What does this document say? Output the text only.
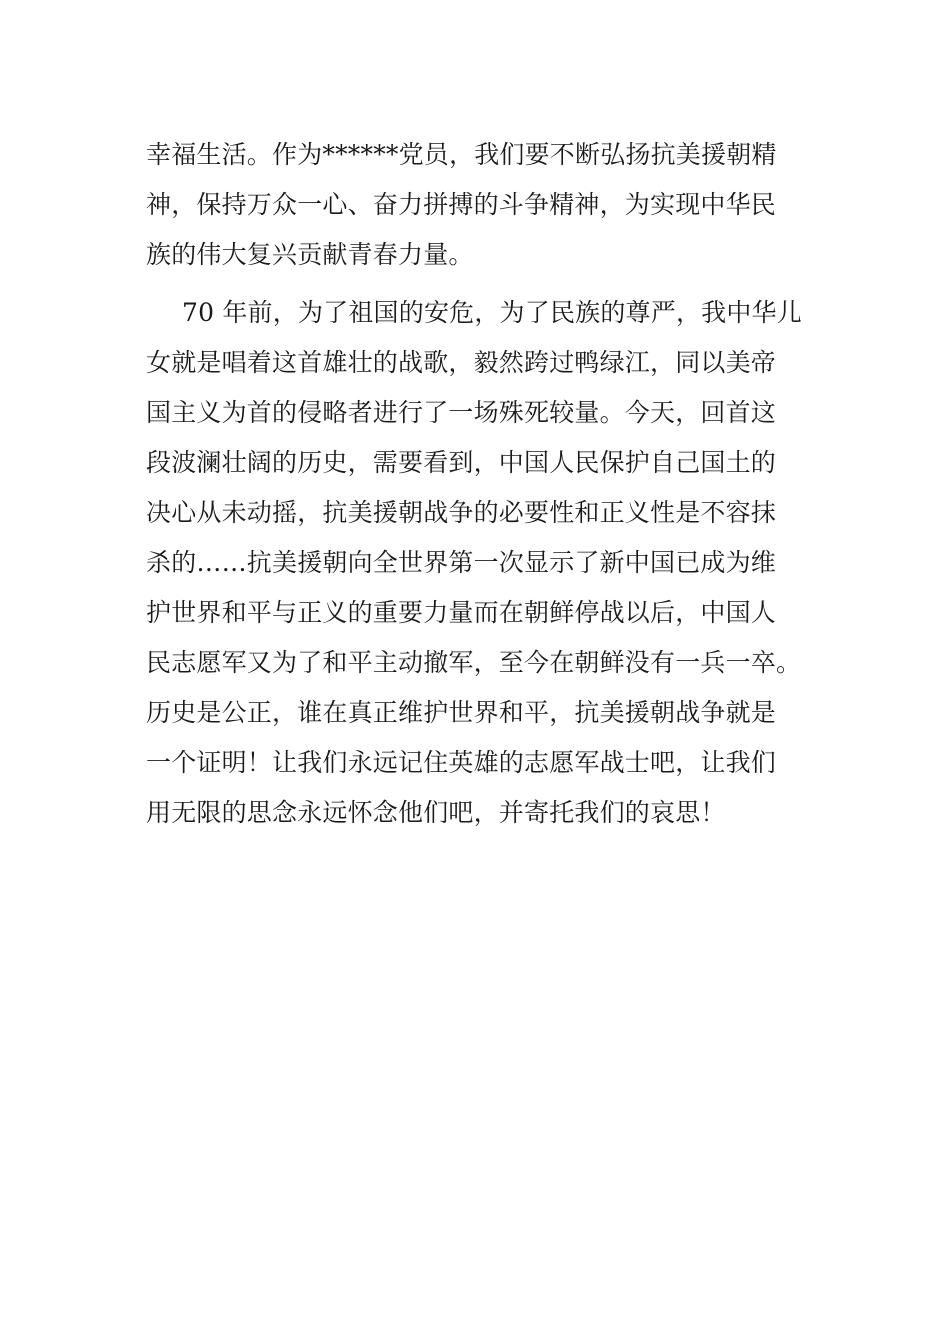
幸福生活。作为******党员，我们要不断弘扬抗美援朝精
神，保持万众一心、奋力拼搏的斗争精神，为实现中华民
族的伟大复兴贡献青春力量。
70 年前，为了祖国的安危，为了民族的尊严，我中华儿
女就是唱着这首雄壮的战歌，毅然跨过鸭绿江，同以美帝
国主义为首的侵略者进行了一场殊死较量。今天，回首这
段波澜壮阔的历史，需要看到，中国人民保护自己国土的
决心从未动摇，抗美援朝战争的必要性和正义性是不容抹
杀的……抗美援朝向全世界第一次显示了新中国已成为维
护世界和平与正义的重要力量而在朝鲜停战以后，中国人
民志愿军又为了和平主动撤军，至今在朝鲜没有一兵一卒。
历史是公正，谁在真正维护世界和平，抗美援朝战争就是
一个证明！让我们永远记住英雄的志愿军战士吧，让我们
用无限的思念永远怀念他们吧，并寄托我们的哀思！
